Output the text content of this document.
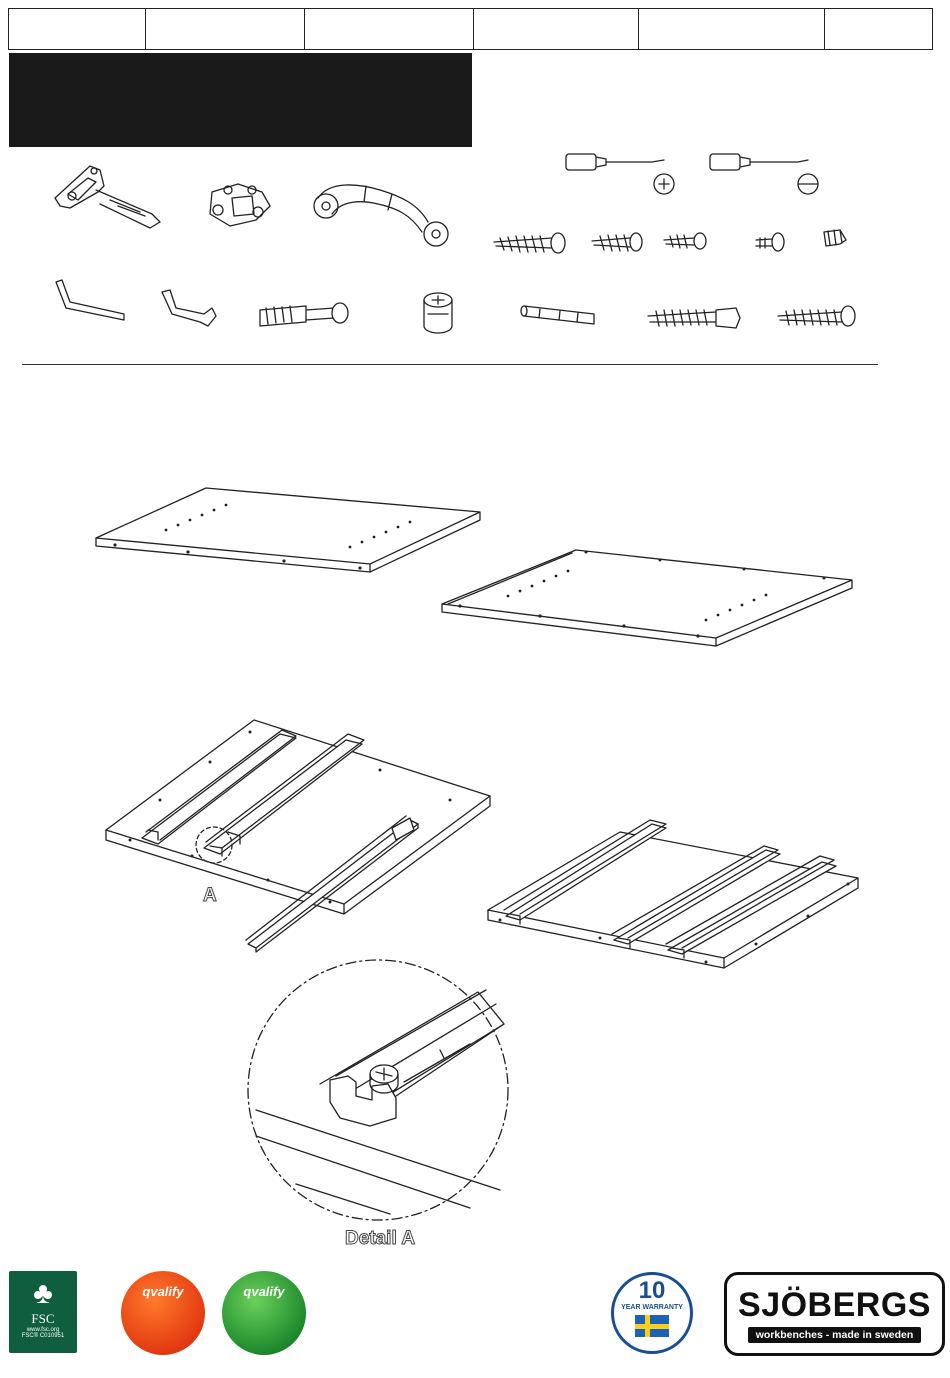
A
Detail A
♣
FSC
www.fsc.org
FSC® C010951
qvalify	qvalify	10
YEAR WARRANTY	SJÖBERGS
workbenches - made in sweden
